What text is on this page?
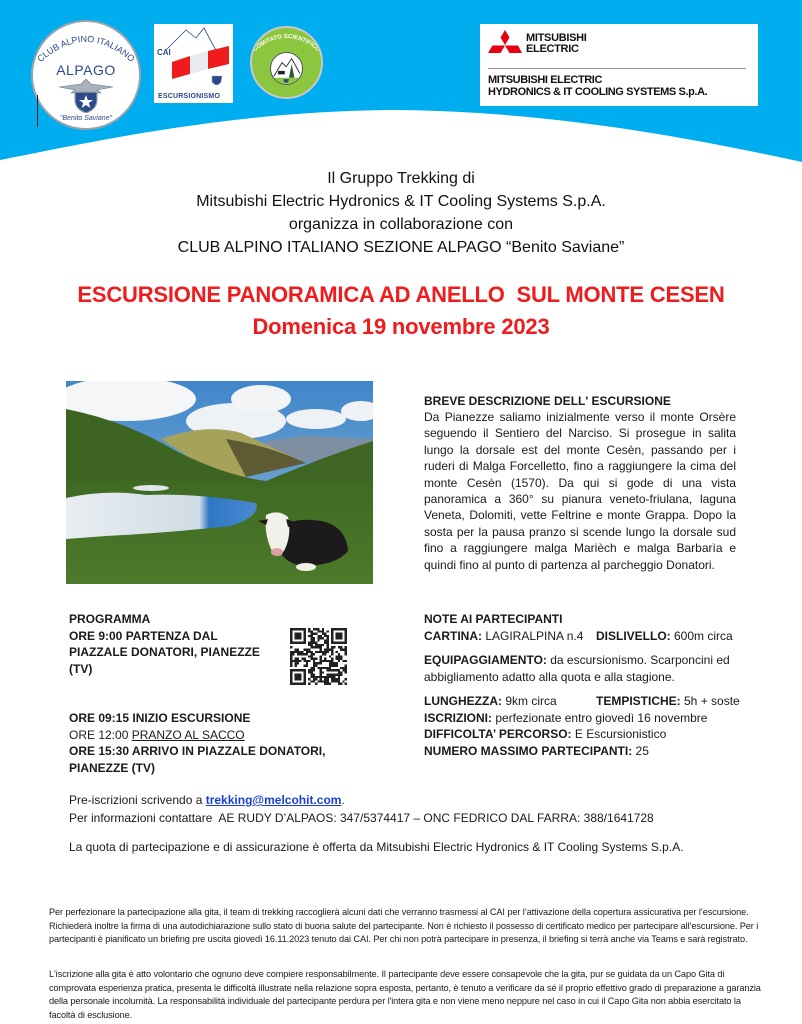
CLUB ALPINO ITALIANO
ALPAGO
"Benito Saviane"
CAI
ESCURSIONISMO
COMITATO SCIENTIFICO
MITSUBISHI
ELECTRIC
MITSUBISHI ELECTRIC
HYDRONICS & IT COOLING SYSTEMS S.p.A.
Il Gruppo Trekking di
Mitsubishi Electric Hydronics & IT Cooling Systems S.p.A.
organizza in collaborazione con
CLUB ALPINO ITALIANO SEZIONE ALPAGO “Benito Saviane”
ESCURSIONE PANORAMICA AD ANELLO  SUL MONTE CESEN
Domenica 19 novembre 2023
BREVE DESCRIZIONE DELL' ESCURSIONE

Da Pianezze saliamo inizialmente verso il monte Orsère seguendo il Sentiero del Narciso. Si prosegue in salita lungo la dorsale est del monte Cesèn, passando per i ruderi di Malga Forcelletto, fino a raggiungere la cima del monte Cesèn (1570). Da qui si gode di una vista panoramica a 360° su pianura veneto-friulana, laguna Veneta, Dolomiti, vette Feltrine e monte Grappa. Dopo la sosta per la pausa pranzo si scende lungo la dorsale sud fino a raggiungere malga Marièch e malga Barbarìa e quindi fino al punto di partenza al parcheggio Donatori.

PROGRAMMA
ORE 9:00 PARTENZA DAL PIAZZALE DONATORI, PIANEZZE (TV)
ORE 09:15 INIZIO ESCURSIONE
ORE 12:00 PRANZO AL SACCO
ORE 15:30 ARRIVO IN PIAZZALE DONATORI, PIANEZZE (TV)
NOTE AI PARTECIPANTI
CARTINA: LAGIRALPINA n.4	DISLIVELLO: 600m circa
EQUIPAGGIAMENTO: da escursionismo. Scarponcini ed abbigliamento adatto alla quota e alla stagione.
LUNGHEZZA: 9km circa	TEMPISTICHE: 5h + soste
ISCRIZIONI: perfezionate entro giovedì 16 novembre
DIFFICOLTA’ PERCORSO: E Escursionistico
NUMERO MASSIMO PARTECIPANTI: 25
Pre-iscrizioni scrivendo a trekking@melcohit.com.
Per informazioni contattare  AE RUDY D’ALPAOS: 347/5374417 – ONC FEDRICO DAL FARRA: 388/1641728
La quota di partecipazione e di assicurazione è offerta da Mitsubishi Electric Hydronics & IT Cooling Systems S.p.A.
Per perfezionare la partecipazione alla gita, il team di trekking raccoglierà alcuni dati che verranno trasmessi al CAI per l’attivazione della copertura assicurativa per l’escursione. Richiederà inoltre la firma di una autodichiarazione sullo stato di buona salute del partecipante. Non è richiesto il possesso di certificato medico per partecipare all’escursione. Per i partecipanti è pianificato un briefing pre uscita giovedì 16.11.2023 tenuto dai CAI. Per chi non potrà partecipare in presenza, il briefing si terrà anche via Teams e sarà registrato.
L'iscrizione alla gita è atto volontario che ognuno deve compiere responsabilmente. Il partecipante deve essere consapevole che la gita, pur se guidata da un Capo Gita di comprovata esperienza pratica, presenta le difficoltà illustrate nella relazione sopra esposta, pertanto, è tenuto a verificare da sé il proprio effettivo grado di preparazione a garanzia della personale incolumità. La responsabilità individuale del partecipante perdura per l'intera gita e non viene meno neppure nel caso in cui il Capo Gita non abbia esercitato la facoltà di esclusione.
